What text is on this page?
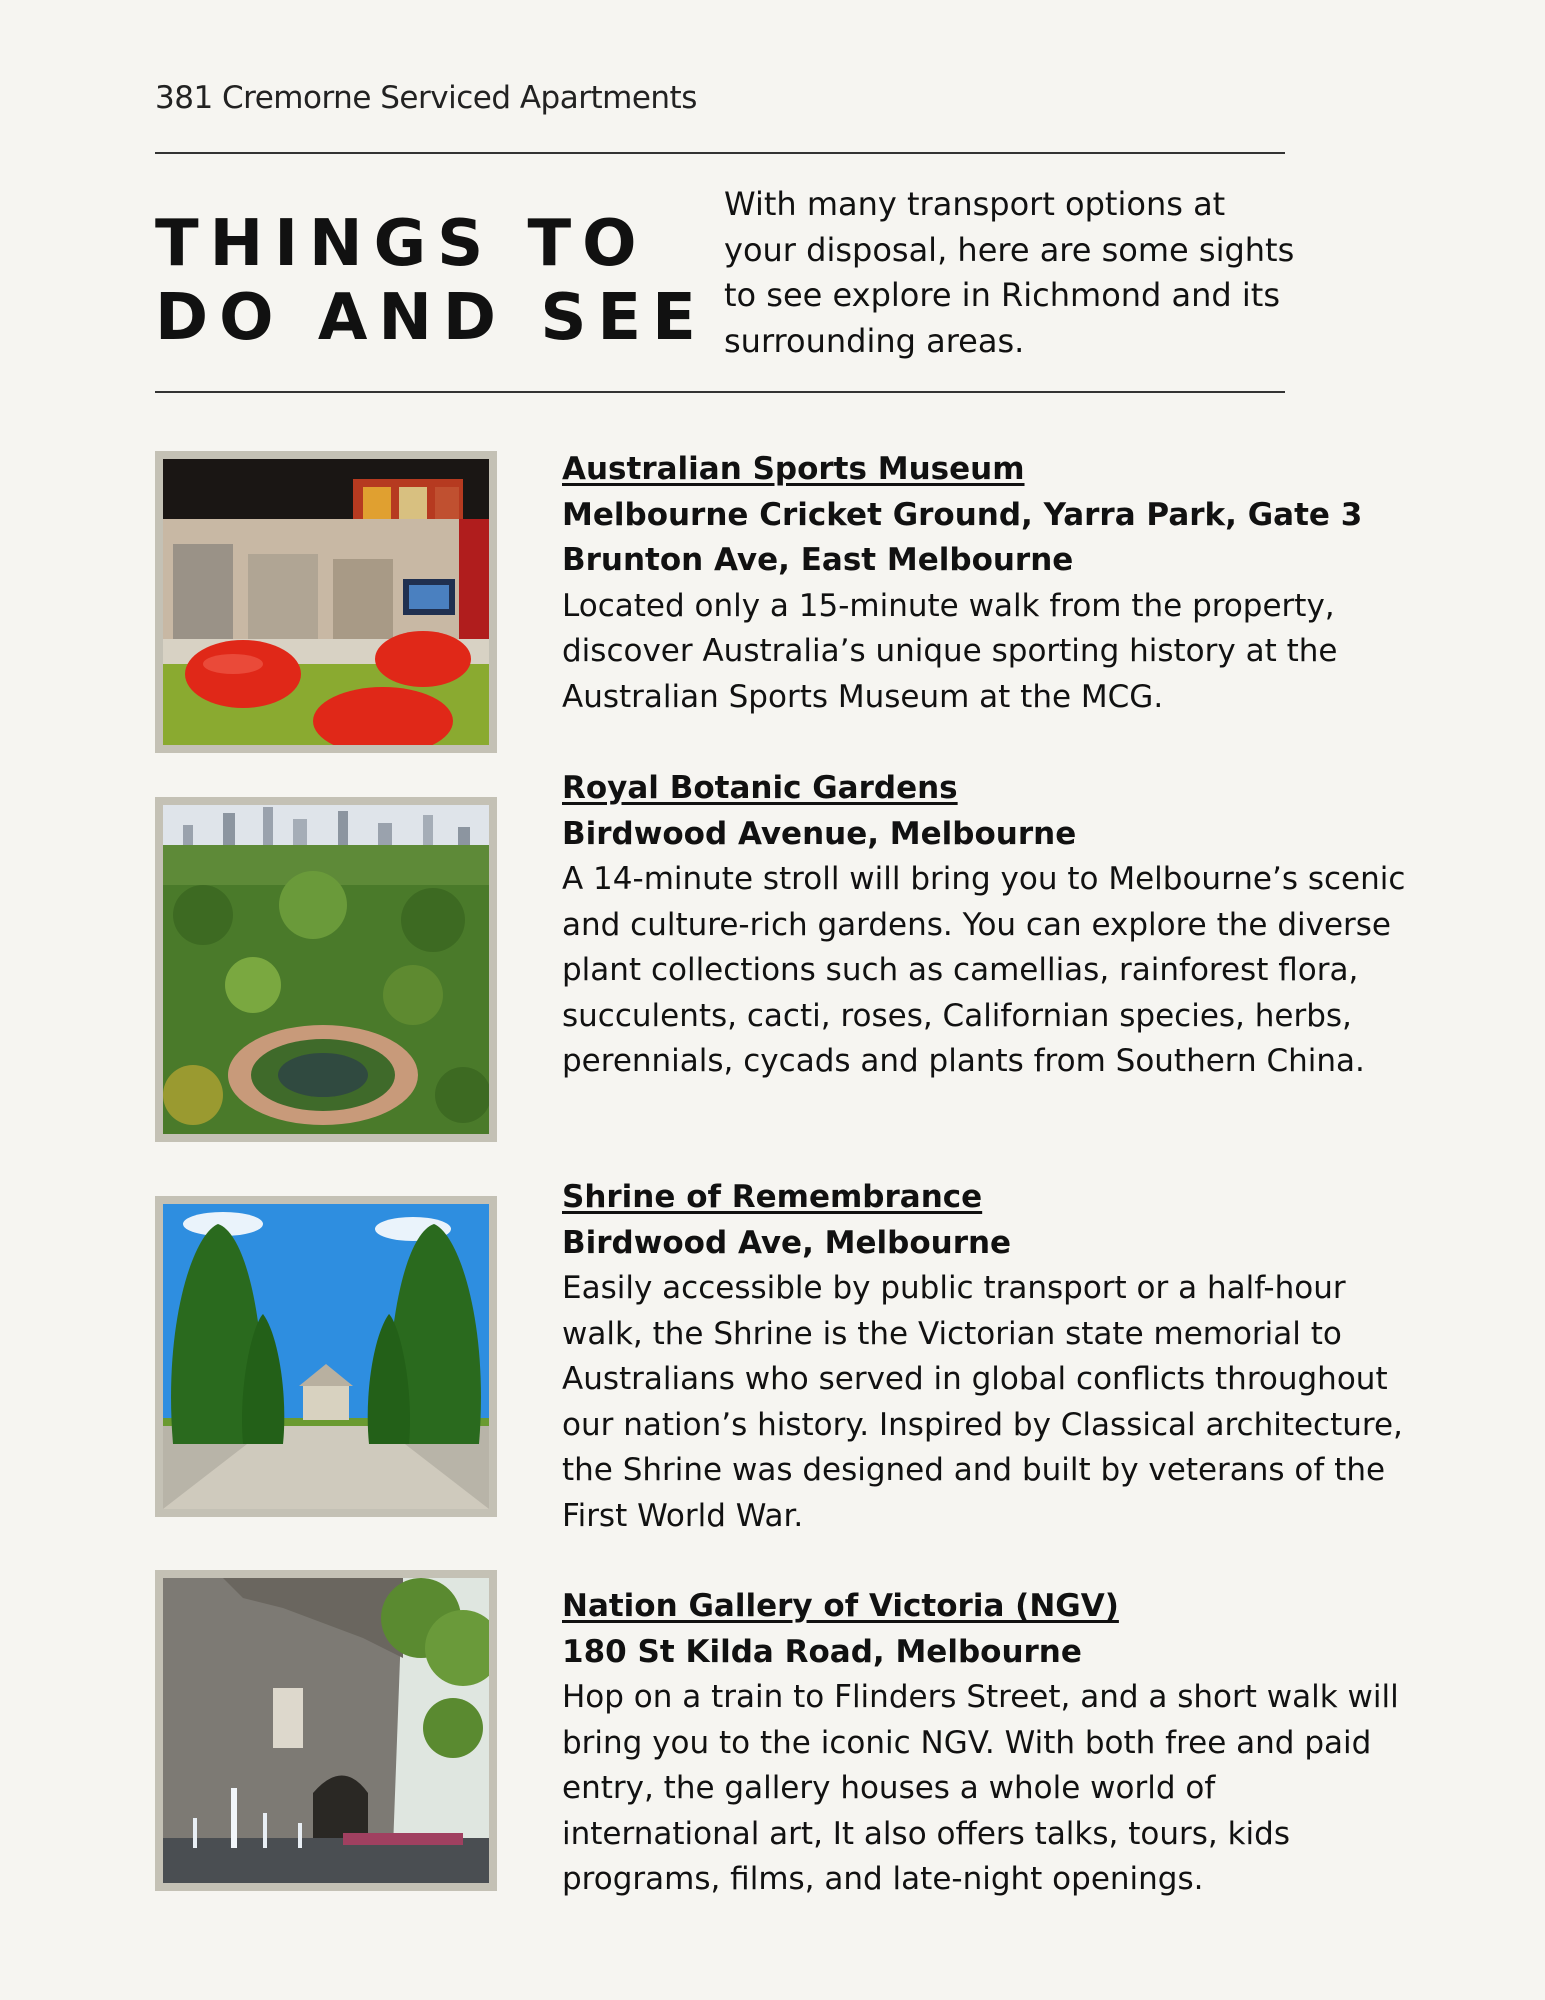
381 Cremorne Serviced Apartments
THINGS TO
DO AND SEE
With many transport options at your disposal, here are some sights to see explore in Richmond and its surrounding areas.
Australian Sports Museum
Melbourne Cricket Ground, Yarra Park, Gate 3
Brunton Ave, East Melbourne
Located only a 15-minute walk from the property, discover Australia’s unique sporting history at the Australian Sports Museum at the MCG.
Royal Botanic Gardens
Birdwood Avenue, Melbourne
A 14-minute stroll will bring you to Melbourne’s scenic and culture-rich gardens. You can explore the diverse plant collections such as camellias, rainforest flora, succulents, cacti, roses, Californian species, herbs, perennials, cycads and plants from Southern China.
Shrine of Remembrance
Birdwood Ave, Melbourne
Easily accessible by public transport or a half-hour walk, the Shrine is the Victorian state memorial to Australians who served in global conflicts throughout our nation’s history. Inspired by Classical architecture, the Shrine was designed and built by veterans of the First World War.
Nation Gallery of Victoria (NGV)
180 St Kilda Road, Melbourne
Hop on a train to Flinders Street, and a short walk will bring you to the iconic NGV. With both free and paid entry, the gallery houses a whole world of international art, It also offers talks, tours, kids programs, films, and late-night openings.
